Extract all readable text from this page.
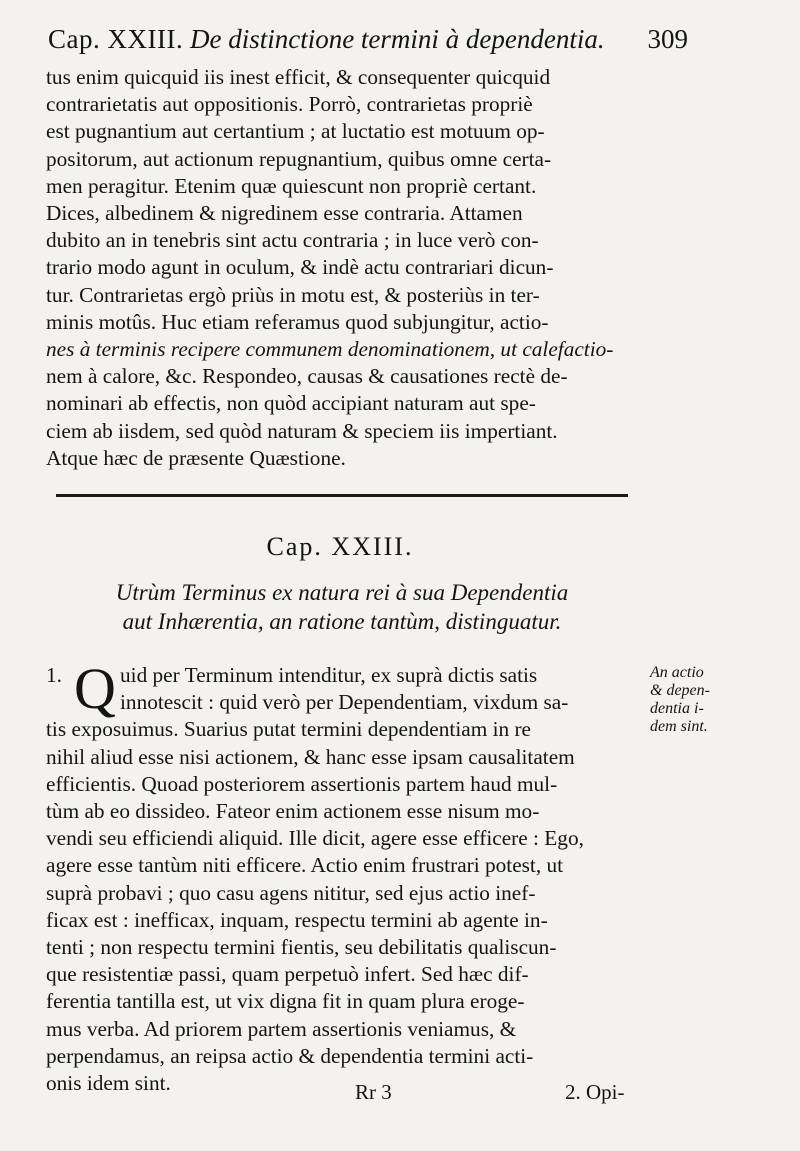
Cap. XXIII. De distinctione termini à dependentia. 309
tus enim quicquid iis inest efficit, & consequenter quicquid
contrarietatis aut oppositionis. Porrò, contrarietas propriè
est pugnantium aut certantium ; at luctatio est motuum op-
positorum, aut actionum repugnantium, quibus omne certa-
men peragitur. Etenim quæ quiescunt non propriè certant.
Dices, albedinem & nigredinem esse contraria. Attamen
dubito an in tenebris sint actu contraria ; in luce verò con-
trario modo agunt in oculum, & indè actu contrariari dicun-
tur. Contrarietas ergò priùs in motu est, & posteriùs in ter-
minis motûs. Huc etiam referamus quod subjungitur, actio-
nes à terminis recipere communem denominationem, ut calefactio-
nem à calore, &c. Respondeo, causas & causationes rectè de-
nominari ab effectis, non quòd accipiant naturam aut spe-
ciem ab iisdem, sed quòd naturam & speciem iis impertiant.
Atque hæc de præsente Quæstione.
Cap. XXIII.
Utrùm Terminus ex natura rei à sua Dependentia
aut Inhærentia, an ratione tantùm, distinguatur.
1. Q uid per Terminum intenditur, ex suprà dictis satis
innotescit : quid verò per Dependentiam, vixdum sa-
tis exposuimus. Suarius putat termini dependentiam in re
nihil aliud esse nisi actionem, & hanc esse ipsam causalitatem
efficientis. Quoad posteriorem assertionis partem haud mul-
tùm ab eo dissideo. Fateor enim actionem esse nisum mo-
vendi seu efficiendi aliquid. Ille dicit, agere esse efficere : Ego,
agere esse tantùm niti efficere. Actio enim frustrari potest, ut
suprà probavi ; quo casu agens nititur, sed ejus actio inef-
ficax est : inefficax, inquam, respectu termini ab agente in-
tenti ; non respectu termini fientis, seu debilitatis qualiscun-
que resistentiæ passi, quam perpetuò infert. Sed hæc dif-
ferentia tantilla est, ut vix digna fit in quam plura eroge-
mus verba. Ad priorem partem assertionis veniamus, &
perpendamus, an reipsa actio & dependentia termini acti-
onis idem sint.
An actio
& depen-
dentia i-
dem sint.
Rr 3	2. Opi-
